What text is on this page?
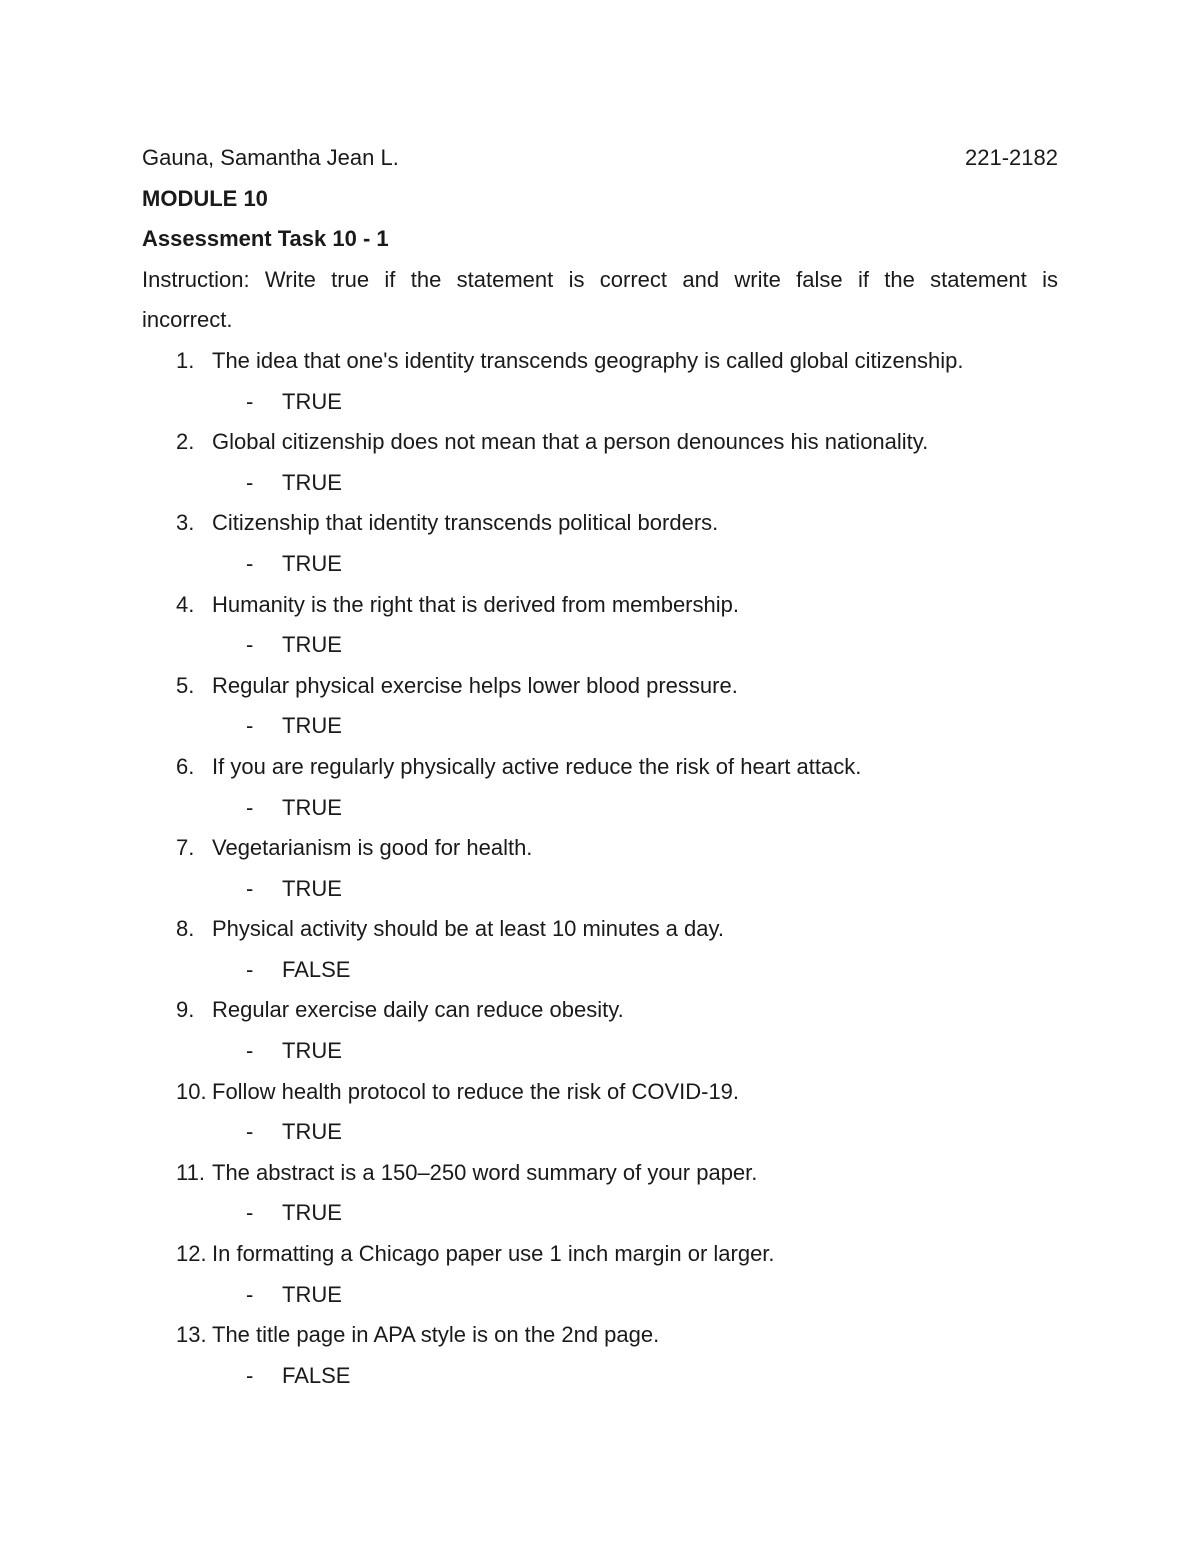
Gauna, Samantha Jean L.	221-2182
MODULE 10
Assessment Task 10 - 1
Instruction: Write true if the statement is correct and write false if the statement is
incorrect.
1. The idea that one's identity transcends geography is called global citizenship.
- TRUE
2. Global citizenship does not mean that a person denounces his nationality.
- TRUE
3. Citizenship that identity transcends political borders.
- TRUE
4. Humanity is the right that is derived from membership.
- TRUE
5. Regular physical exercise helps lower blood pressure.
- TRUE
6. If you are regularly physically active reduce the risk of heart attack.
- TRUE
7. Vegetarianism is good for health.
- TRUE
8. Physical activity should be at least 10 minutes a day.
- FALSE
9. Regular exercise daily can reduce obesity.
- TRUE
10. Follow health protocol to reduce the risk of COVID-19.
- TRUE
11. The abstract is a 150–250 word summary of your paper.
- TRUE
12. In formatting a Chicago paper use 1 inch margin or larger.
- TRUE
13. The title page in APA style is on the 2nd page.
- FALSE
